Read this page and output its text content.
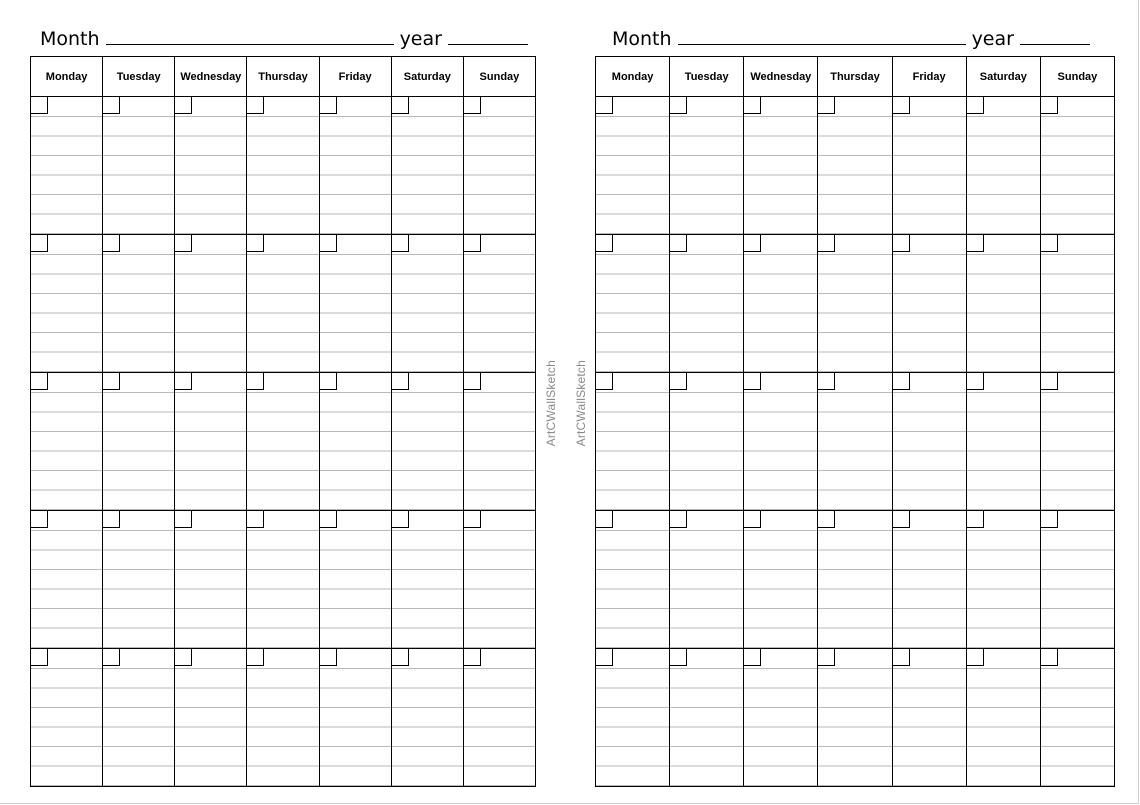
Month	year
Monday	Tuesday	Wednesday	Thursday	Friday	Saturday	Sunday

ArtCWallSketch ArtCWallSketch
Month	year
Monday	Tuesday	Wednesday	Thursday	Friday	Saturday	Sunday
